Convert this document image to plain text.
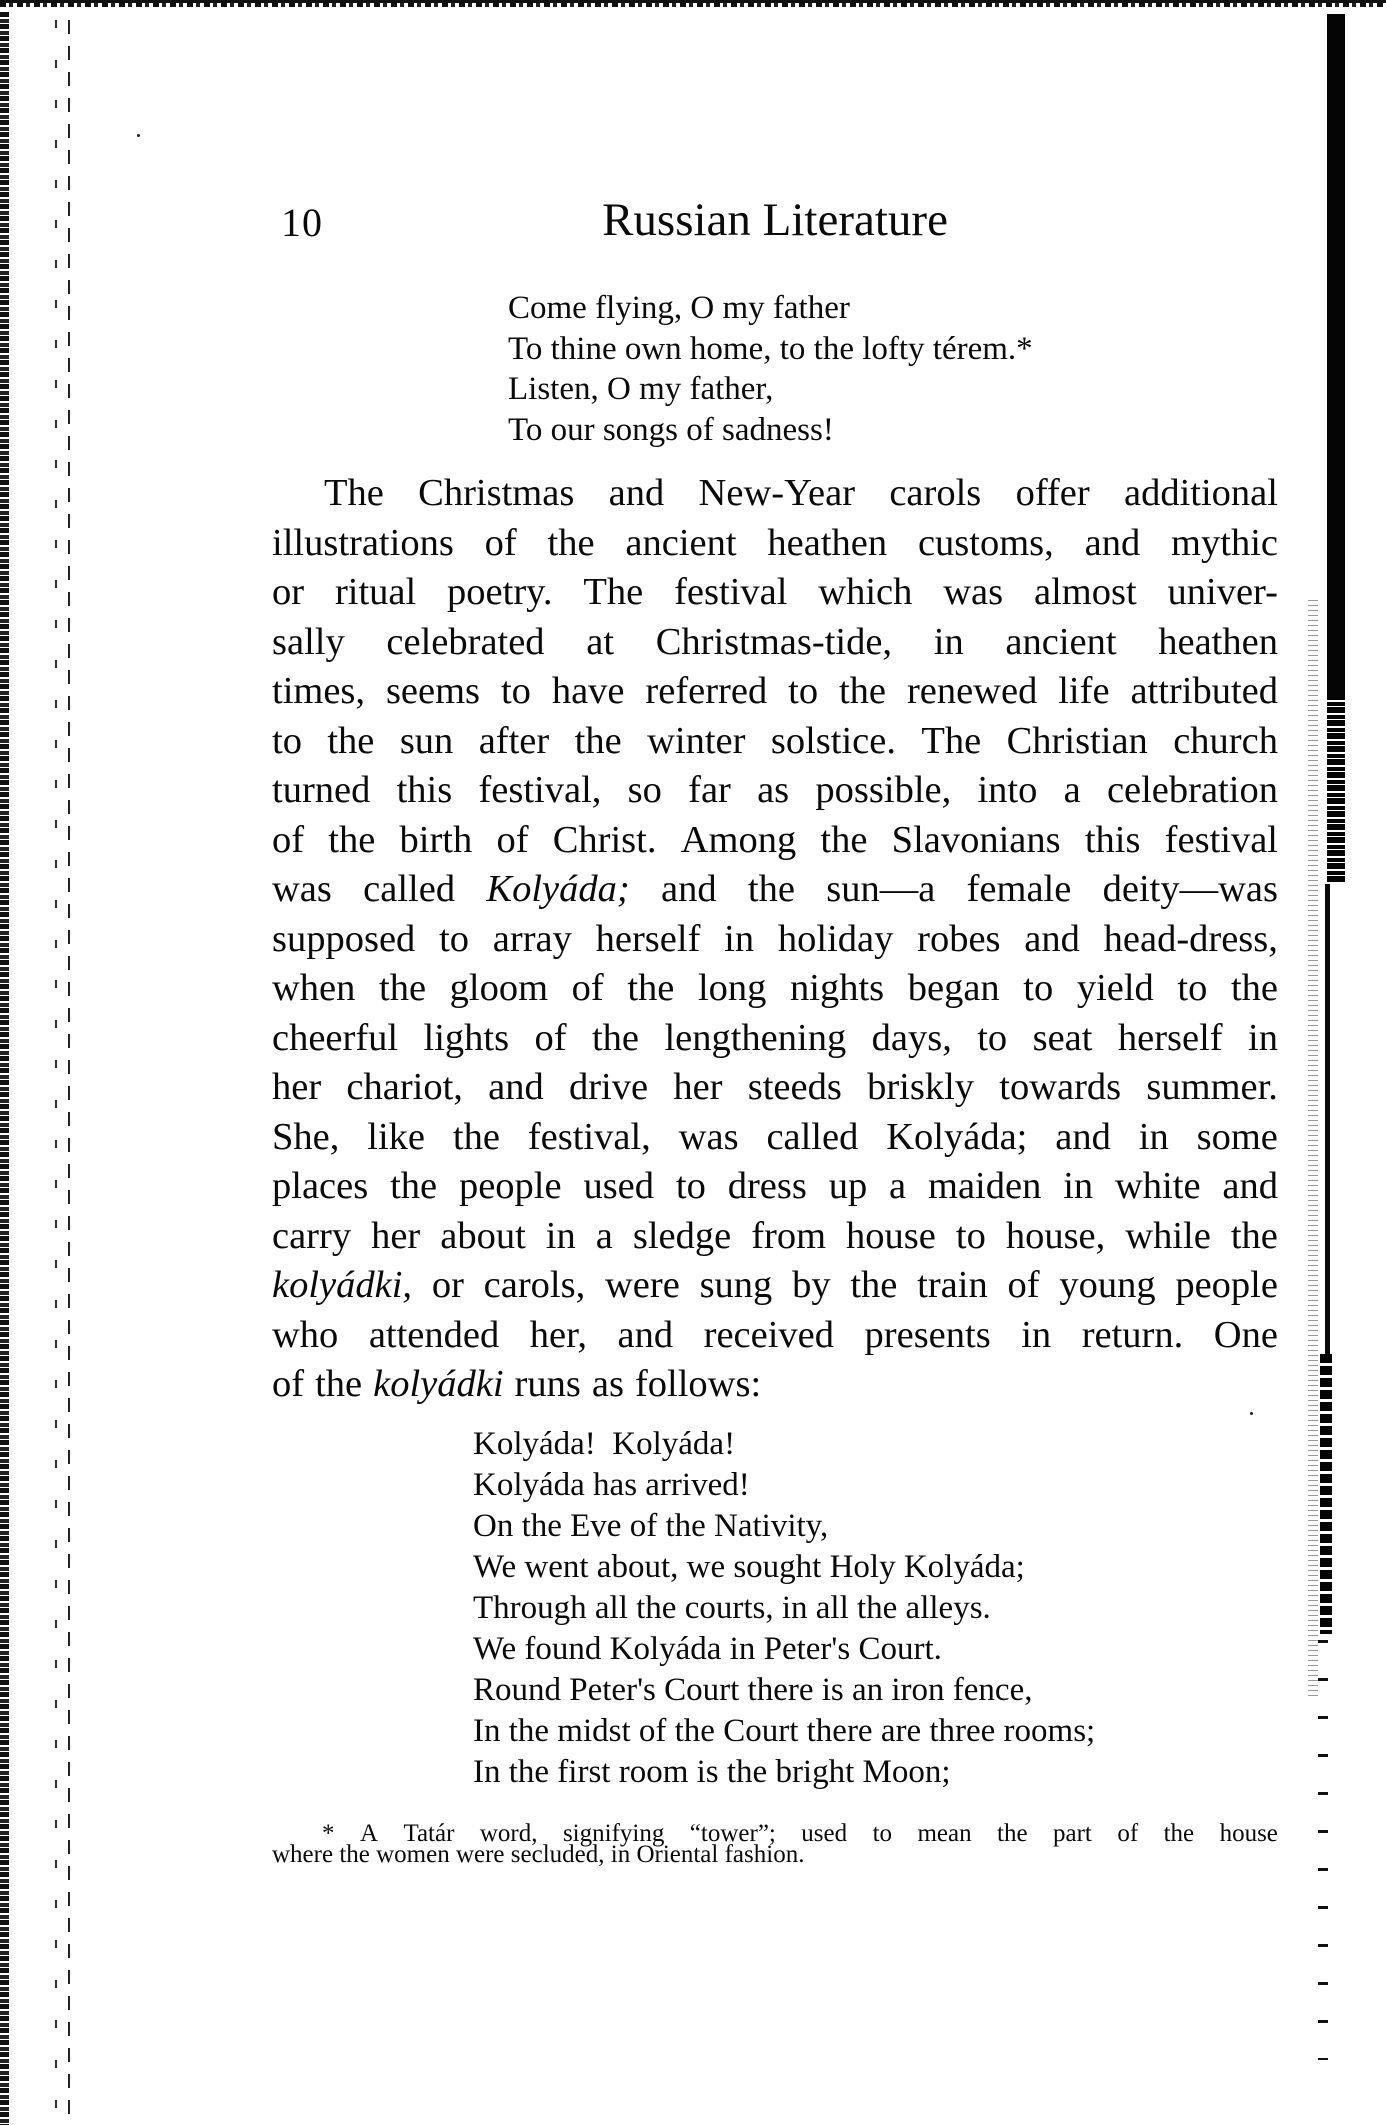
10	Russian Literature
Come flying, O my father
To thine own home, to the lofty térem.*
Listen, O my father,
To our songs of sadness!
The Christmas and New-Year carols offer additional
illustrations of the ancient heathen customs, and mythic
or ritual poetry. The festival which was almost univer-
sally celebrated at Christmas-tide, in ancient heathen
times, seems to have referred to the renewed life attributed
to the sun after the winter solstice. The Christian church
turned this festival, so far as possible, into a celebration
of the birth of Christ. Among the Slavonians this festival
was called Kolyáda; and the sun—a female deity—was
supposed to array herself in holiday robes and head-dress,
when the gloom of the long nights began to yield to the
cheerful lights of the lengthening days, to seat herself in
her chariot, and drive her steeds briskly towards summer.
She, like the festival, was called Kolyáda; and in some
places the people used to dress up a maiden in white and
carry her about in a sledge from house to house, while the
kolyádki, or carols, were sung by the train of young people
who attended her, and received presents in return. One
of the kolyádki runs as follows:
Kolyáda!  Kolyáda!
Kolyáda has arrived!
On the Eve of the Nativity,
We went about, we sought Holy Kolyáda;
Through all the courts, in all the alleys.
We found Kolyáda in Peter's Court.
Round Peter's Court there is an iron fence,
In the midst of the Court there are three rooms;
In the first room is the bright Moon;
* A Tatár word, signifying “tower”; used to mean the part of the house
where the women were secluded, in Oriental fashion.
